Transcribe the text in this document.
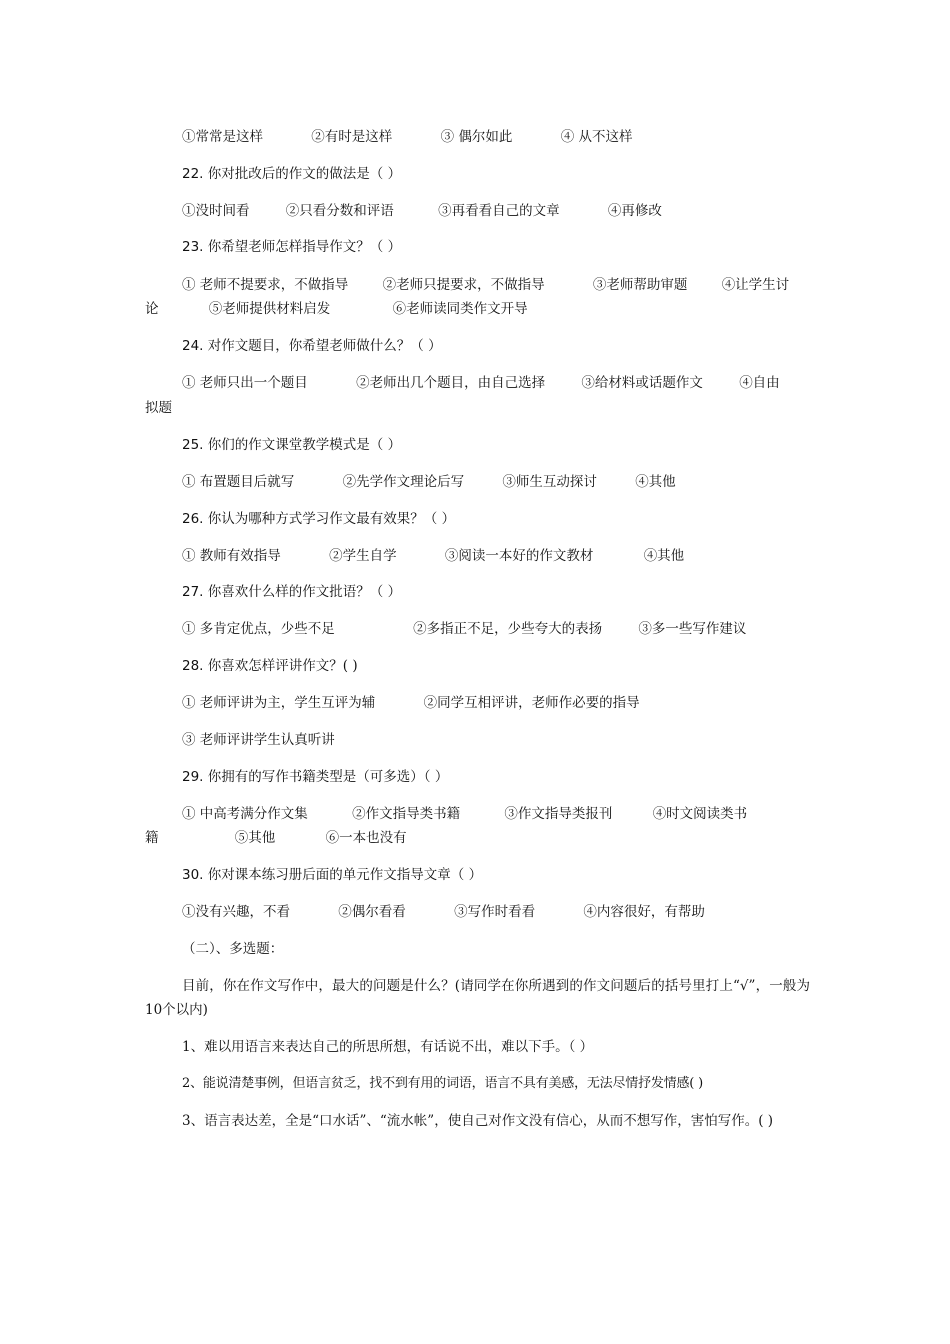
①常常是这样	②有时是这样	③ 偶尔如此	④ 从不这样
22. 你对批改后的作文的做法是（ ）
①没时间看	②只看分数和评语	③再看看自己的文章	④再修改
23. 你希望老师怎样指导作文？（ ）
① 老师不提要求，不做指导	②老师只提要求，不做指导	③老师帮助审题	④让学生讨
论	⑤老师提供材料启发	⑥老师读同类作文开导
24. 对作文题目，你希望老师做什么？（ ）
① 老师只出一个题目	②老师出几个题目，由自己选择	③给材料或话题作文	④自由
拟题
25. 你们的作文课堂教学模式是（ ）
① 布置题目后就写	②先学作文理论后写	③师生互动探讨	④其他
26. 你认为哪种方式学习作文最有效果？（ ）
① 教师有效指导	②学生自学	③阅读一本好的作文教材	④其他
27. 你喜欢什么样的作文批语？（ ）
① 多肯定优点，少些不足	②多指正不足，少些夸大的表扬	③多一些写作建议
28. 你喜欢怎样评讲作文？( )
① 老师评讲为主，学生互评为辅	②同学互相评讲，老师作必要的指导
③ 老师评讲学生认真听讲
29. 你拥有的写作书籍类型是（可多选）（ ）
① 中高考满分作文集	②作文指导类书籍	③作文指导类报刊	④时文阅读类书
籍	⑤其他	⑥一本也没有
30. 你对课本练习册后面的单元作文指导文章（ ）
①没有兴趣，不看	②偶尔看看	③写作时看看	④内容很好，有帮助
（二）、多选题：
目前，你在作文写作中，最大的问题是什么？(请同学在你所遇到的作文问题后的括号里打上“√”，一般为10个以内)
1、难以用语言来表达自己的所思所想，有话说不出，难以下手。（ ）
2、能说清楚事例，但语言贫乏，找不到有用的词语，语言不具有美感，无法尽情抒发情感( )
3、语言表达差，全是“口水话”、“流水帐”，使自己对作文没有信心，从而不想写作，害怕写作。( )
